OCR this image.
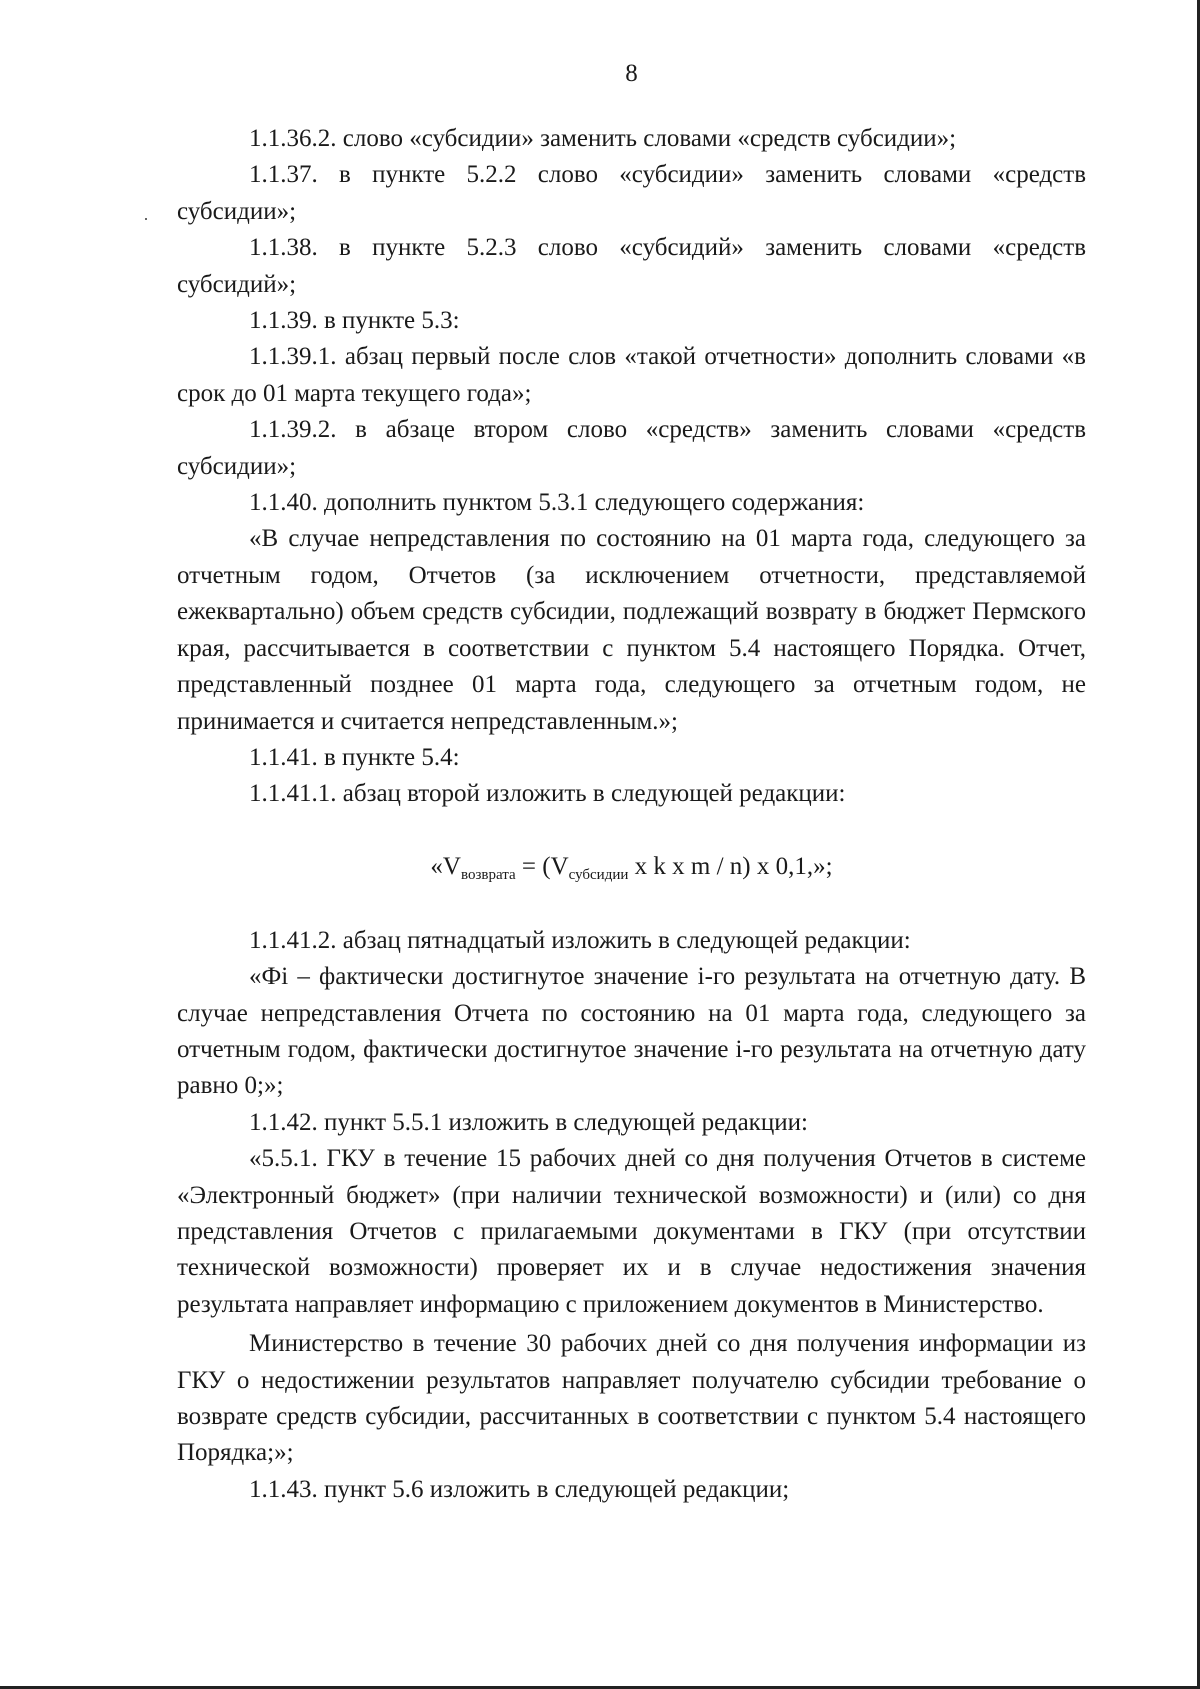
8

1.1.36.2. слово «субсидии» заменить словами «средств субсидии»;

1.1.37. в пункте 5.2.2 слово «субсидии» заменить словами «средств субсидии»;

1.1.38. в пункте 5.2.3 слово «субсидий» заменить словами «средств субсидий»;

1.1.39. в пункте 5.3:

1.1.39.1. абзац первый после слов «такой отчетности» дополнить словами «в срок до 01 марта текущего года»;

1.1.39.2. в абзаце втором слово «средств» заменить словами «средств субсидии»;

1.1.40. дополнить пунктом 5.3.1 следующего содержания:

«В случае непредставления по состоянию на 01 марта года, следующего за отчетным годом, Отчетов (за исключением отчетности, представляемой ежеквартально) объем средств субсидии, подлежащий возврату в бюджет Пермского края, рассчитывается в соответствии с пунктом 5.4 настоящего Порядка. Отчет, представленный позднее 01 марта года, следующего за отчетным годом, не принимается и считается непредставленным.»;

1.1.41. в пункте 5.4:

1.1.41.1. абзац второй изложить в следующей редакции:

«$V_{возврата} = (V_{субсидии}$ x k x m / n) x 0,1,»;

1.1.41.2. абзац пятнадцатый изложить в следующей редакции:

«Фi – фактически достигнутое значение i-го результата на отчетную дату. В случае непредставления Отчета по состоянию на 01 марта года, следующего за отчетным годом, фактически достигнутое значение i-го результата на отчетную дату равно 0;»;

1.1.42. пункт 5.5.1 изложить в следующей редакции:

«5.5.1. ГКУ в течение 15 рабочих дней со дня получения Отчетов в системе «Электронный бюджет» (при наличии технической возможности) и (или) со дня представления Отчетов с прилагаемыми документами в ГКУ (при отсутствии технической возможности) проверяет их и в случае недостижения значения результата направляет информацию с приложением документов в Министерство.

Министерство в течение 30 рабочих дней со дня получения информации из ГКУ о недостижении результатов направляет получателю субсидии требование о возврате средств субсидии, рассчитанных в соответствии с пунктом 5.4 настоящего Порядка;»;

1.1.43. пункт 5.6 изложить в следующей редакции;
